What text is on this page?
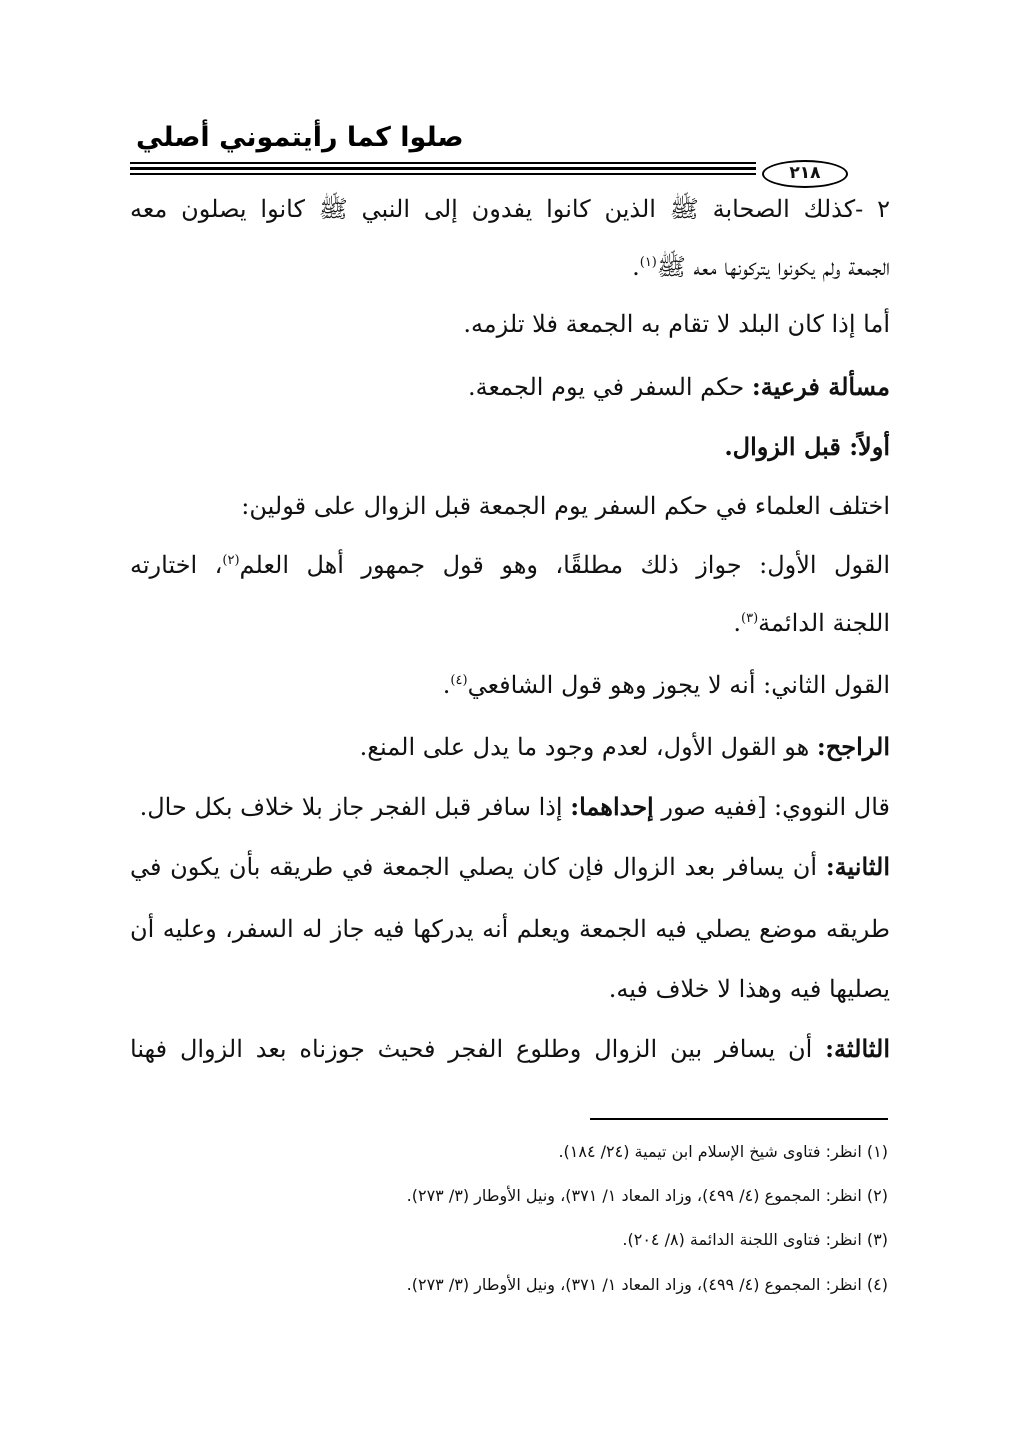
صلوا كما رأيتموني أصلي
٢١٨
٢ -كذلك الصحابة ﷺ الذين كانوا يفدون إلى النبي ﷺ كانوا يصلون معه
الجمعة ولم يكونوا يتركونها معه ﷺ$^{(١)}$.
أما إذا كان البلد لا تقام به الجمعة فلا تلزمه.
مسألة فرعية: حكم السفر في يوم الجمعة.
أولاً: قبل الزوال.
اختلف العلماء في حكم السفر يوم الجمعة قبل الزوال على قولين:
القول الأول: جواز ذلك مطلقًا، وهو قول جمهور أهل العلم$^{(٢)}$، اختارته
اللجنة الدائمة$^{(٣)}$.
القول الثاني: أنه لا يجوز وهو قول الشافعي$^{(٤)}$.
الراجح: هو القول الأول، لعدم وجود ما يدل على المنع.
قال النووي: [ففيه صور إحداهما: إذا سافر قبل الفجر جاز بلا خلاف بكل حال.
الثانية: أن يسافر بعد الزوال فإن كان يصلي الجمعة في طريقه بأن يكون في
طريقه موضع يصلي فيه الجمعة ويعلم أنه يدركها فيه جاز له السفر، وعليه أن
يصليها فيه وهذا لا خلاف فيه.
الثالثة: أن يسافر بين الزوال وطلوع الفجر فحيث جوزناه بعد الزوال فهنا
(١) انظر: فتاوى شيخ الإسلام ابن تيمية (٢٤/ ١٨٤).
(٢) انظر: المجموع (٤/ ٤٩٩)، وزاد المعاد ١/ ٣٧١)، ونيل الأوطار (٣/ ٢٧٣).
(٣) انظر: فتاوى اللجنة الدائمة (٨/ ٢٠٤).
(٤) انظر: المجموع (٤/ ٤٩٩)، وزاد المعاد ١/ ٣٧١)، ونيل الأوطار (٣/ ٢٧٣).
